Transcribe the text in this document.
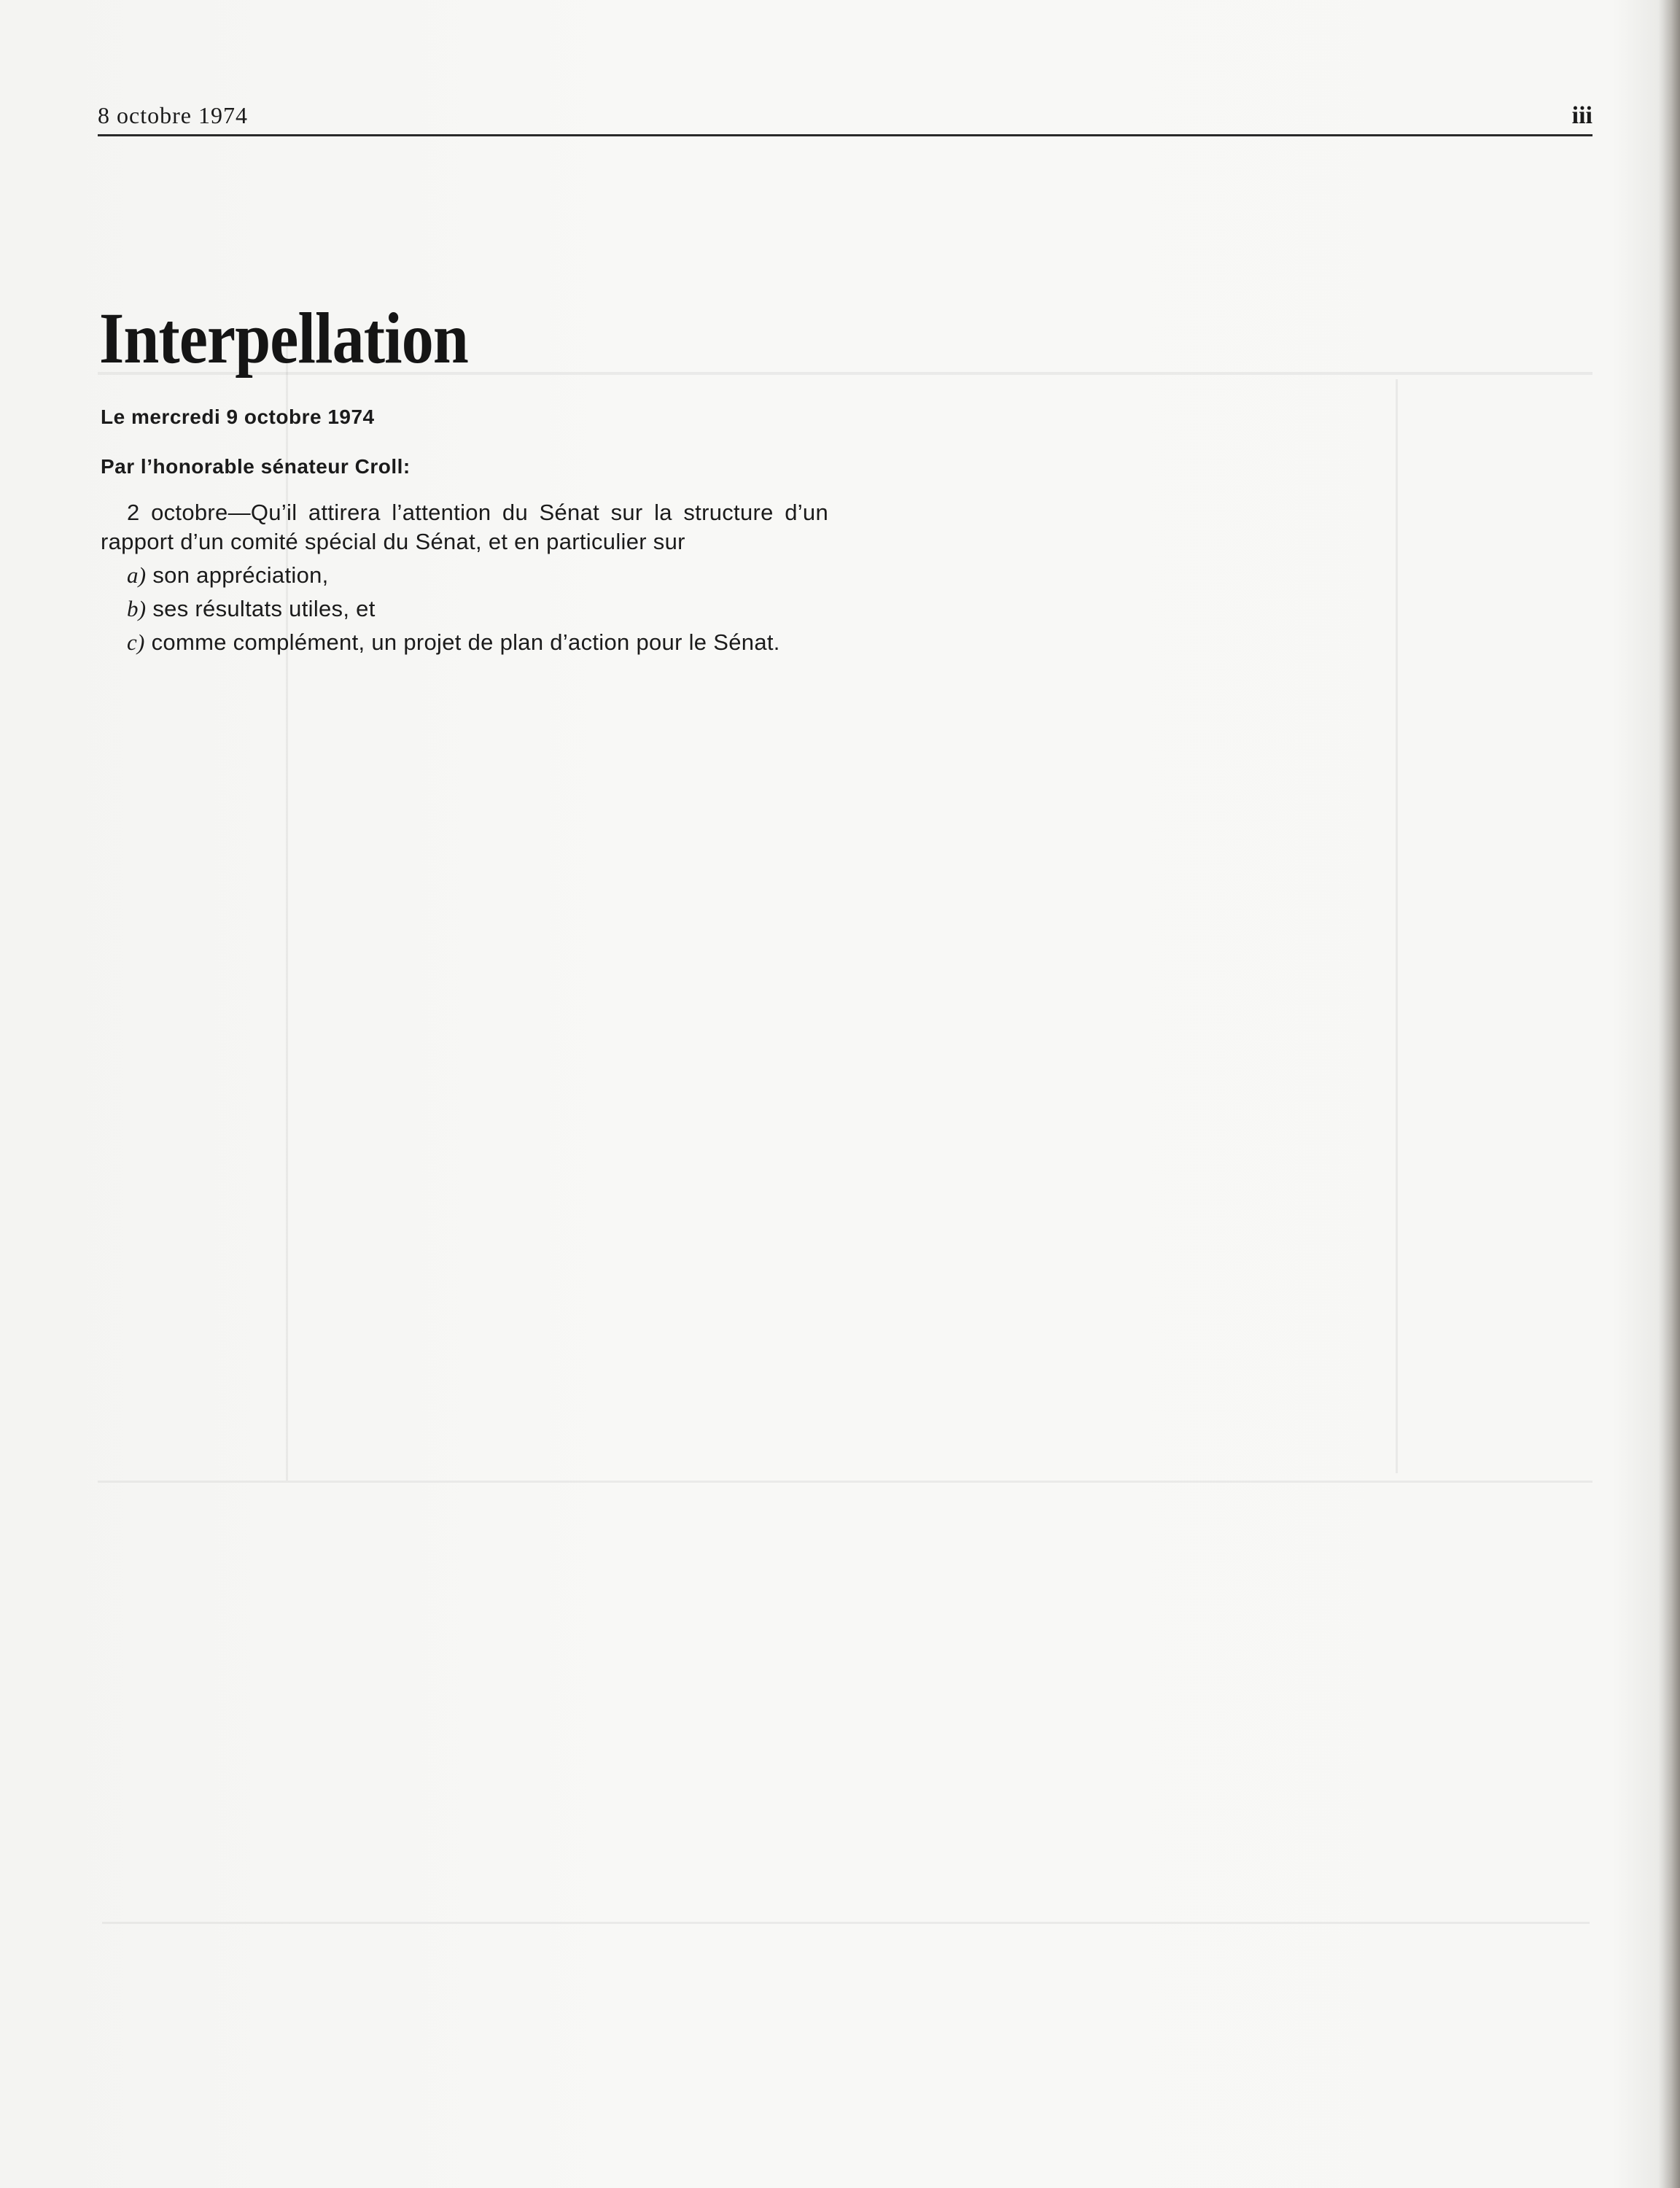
8 octobre 1974	iii
Interpellation
Le mercredi 9 octobre 1974
Par l’honorable sénateur Croll:

2 octobre—Qu’il attirera l’attention du Sénat sur la structure d’un rapport d’un comité spécial du Sénat, et en particulier sur

a) son appréciation,

b) ses résultats utiles, et

c) comme complément, un projet de plan d’action pour le Sénat.
